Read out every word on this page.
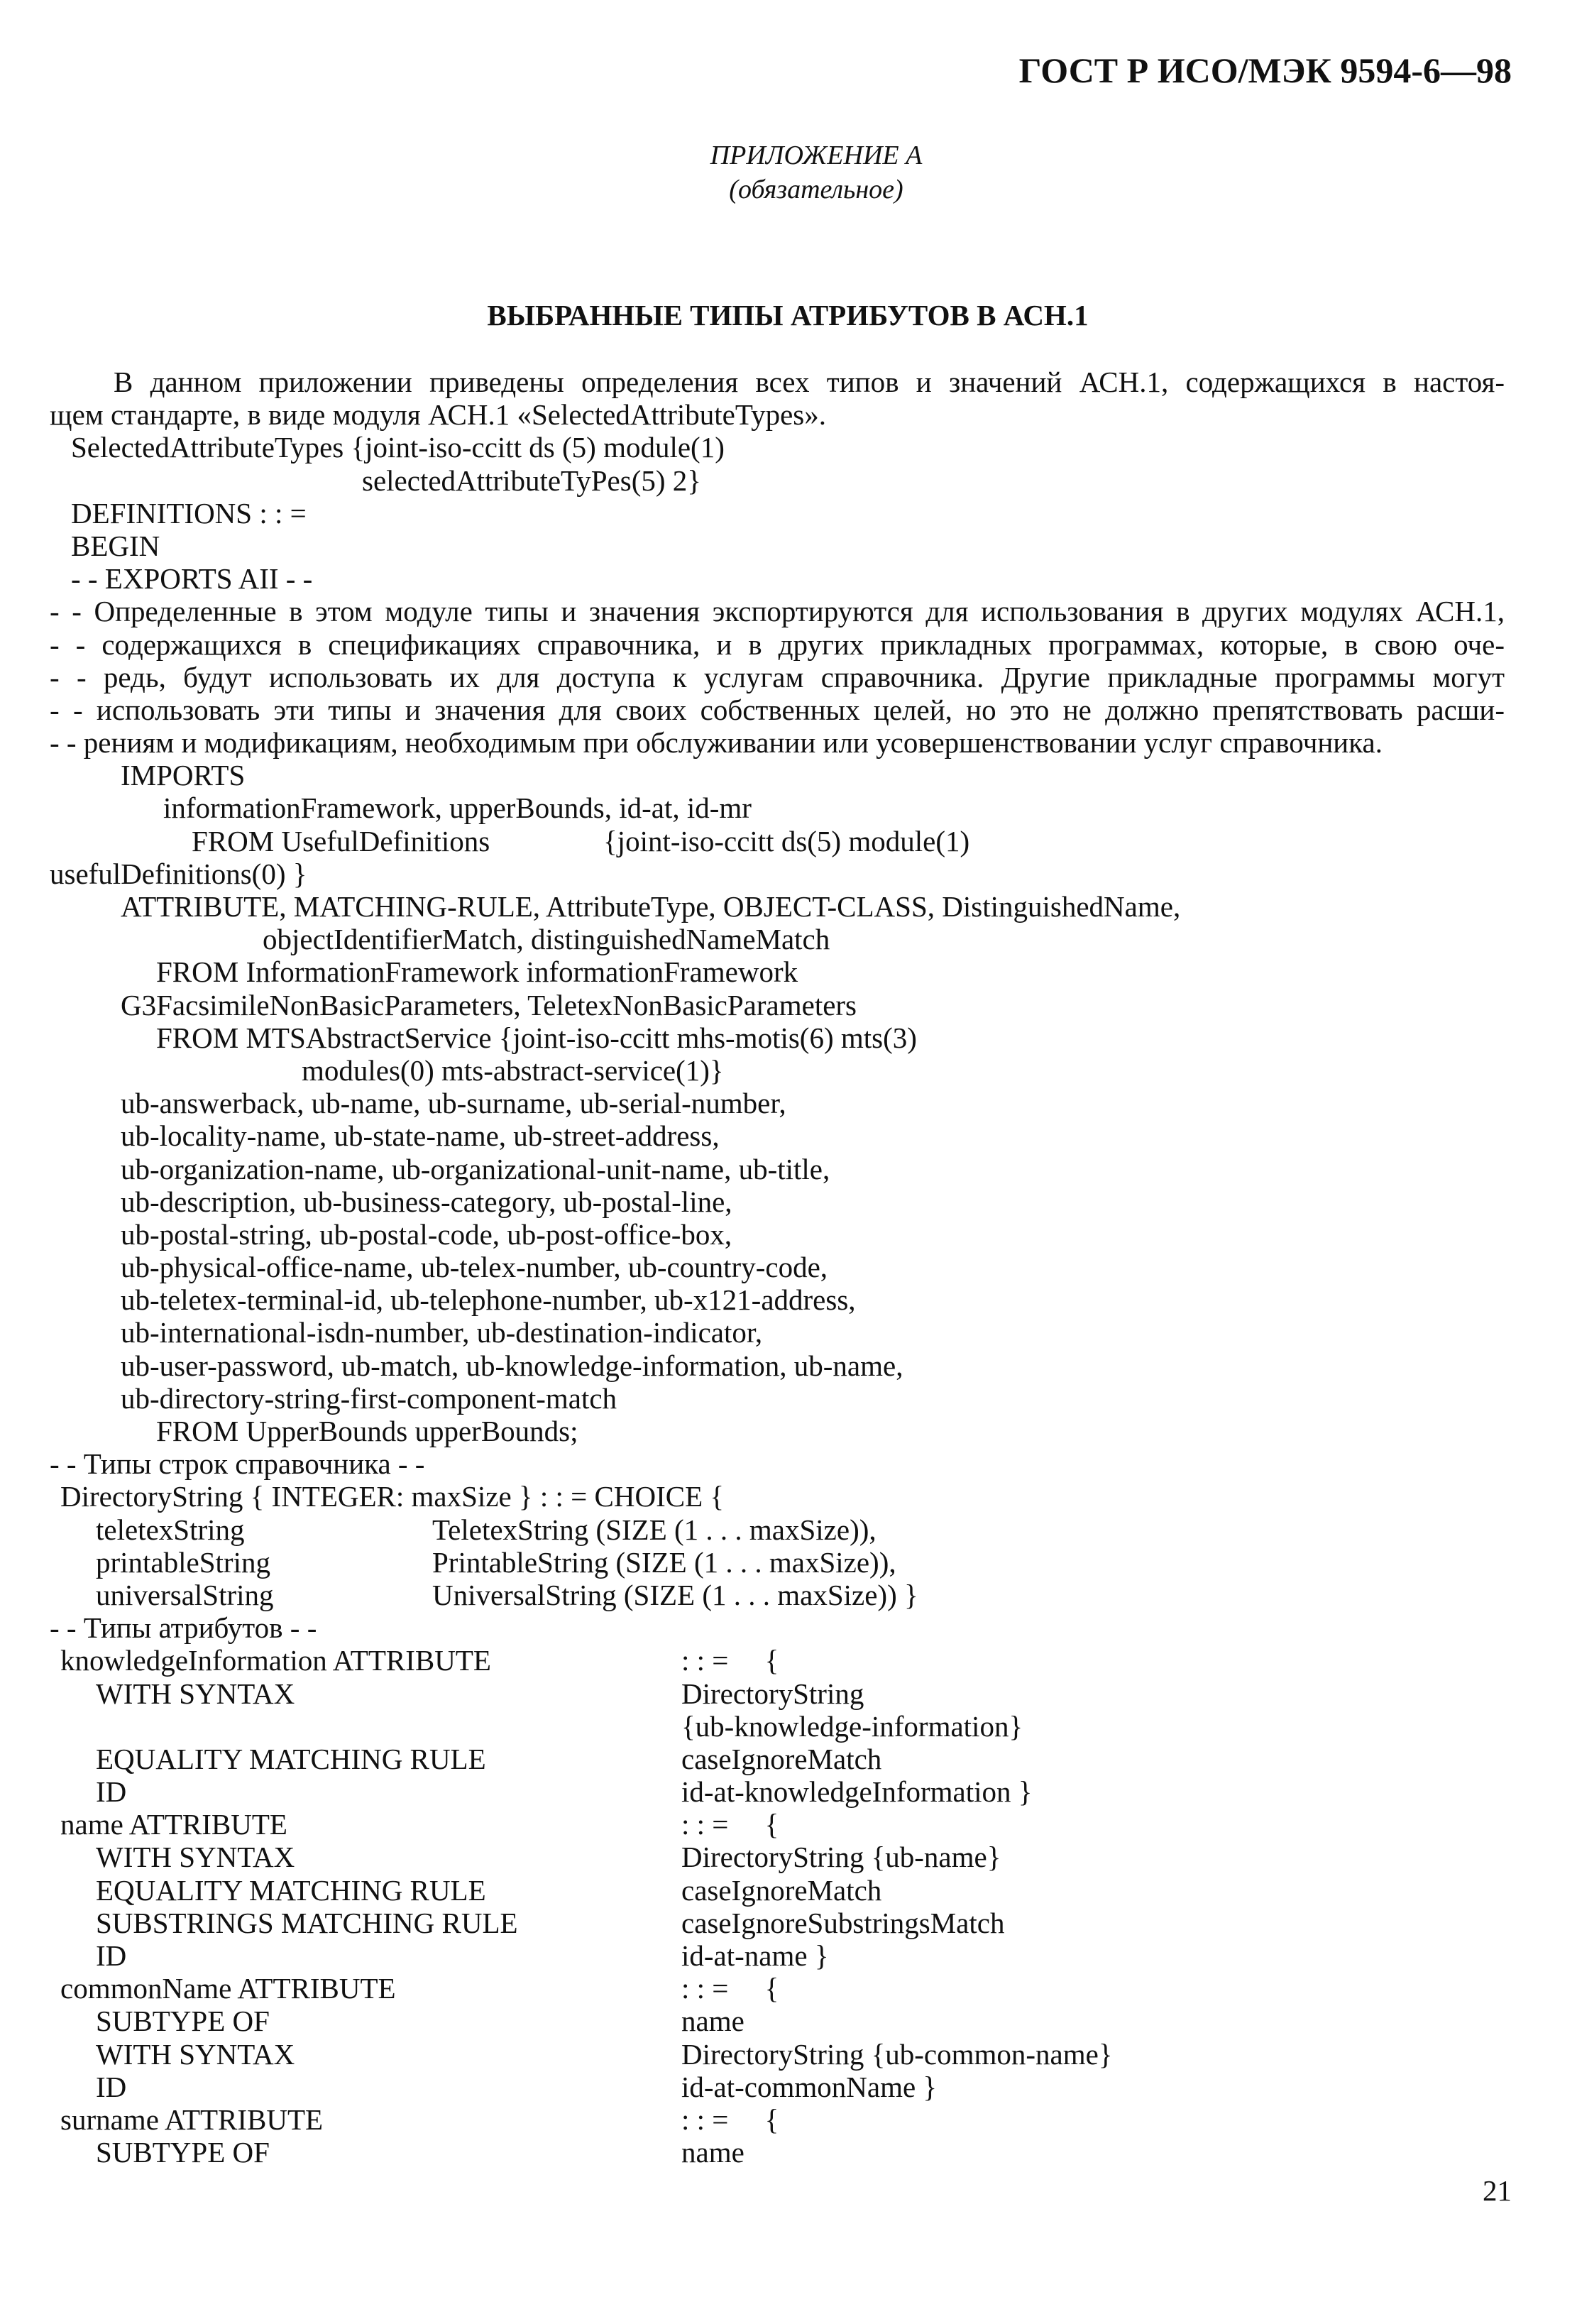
ГОСТ Р ИСО/МЭК 9594-6—98
ПРИЛОЖЕНИЕ А
(обязательное)
ВЫБРАННЫЕ ТИПЫ АТРИБУТОВ В АСН.1
В данном приложении приведены определения всех типов и значений АСН.1, содержащихся в настоя-
щем стандарте, в виде модуля АСН.1 «SelectedAttributeTypes».
SelectedAttributeTypes {joint-iso-ccitt ds (5) module(1)
selectedAttributeTyPes(5) 2}
DEFINITIONS : : =
BEGIN
- - EXPORTS AII - -
- - Определенные в этом модуле типы и значения экспортируются для использования в других модулях АСН.1,
- - содержащихся в спецификациях справочника, и в других прикладных программах, которые, в свою оче-
- - редь, будут использовать их для доступа к услугам справочника. Другие прикладные программы могут
- - использовать эти типы и значения для своих собственных целей, но это не должно препятствовать расши-
- - рениям и модификациям, необходимым при обслуживании или усовершенствовании услуг справочника.
IMPORTS
informationFramework, upperBounds, id-at, id-mr
FROM UsefulDefinitions	{joint-iso-ccitt ds(5) module(1)
usefulDefinitions(0) }
ATTRIBUTE, MATCHING-RULE, AttributeType, OBJECT-CLASS, DistinguishedName,
objectIdentifierMatch, distinguishedNameMatch
FROM InformationFramework informationFramework
G3FacsimileNonBasicParameters, TeletexNonBasicParameters
FROM MTSAbstractService {joint-iso-ccitt mhs-motis(6) mts(3)
modules(0) mts-abstract-service(1)}
ub-answerback, ub-name, ub-surname, ub-serial-number,
ub-locality-name, ub-state-name, ub-street-address,
ub-organization-name, ub-organizational-unit-name, ub-title,
ub-description, ub-business-category, ub-postal-line,
ub-postal-string, ub-postal-code, ub-post-office-box,
ub-physical-office-name, ub-telex-number, ub-country-code,
ub-teletex-terminal-id, ub-telephone-number, ub-x121-address,
ub-international-isdn-number, ub-destination-indicator,
ub-user-password, ub-match, ub-knowledge-information, ub-name,
ub-directory-string-first-component-match
FROM UpperBounds upperBounds;
- - Типы строк справочника - -
DirectoryString { INTEGER: maxSize } : : = CHOICE {
teletexString	TeletexString (SIZE (1 . . . maxSize)),
printableString	PrintableString (SIZE (1 . . . maxSize)),
universalString	UniversalString (SIZE (1 . . . maxSize)) }
- - Типы атрибутов - -
knowledgeInformation ATTRIBUTE	: : =     {
WITH SYNTAX	DirectoryString
{ub-knowledge-information}
EQUALITY MATCHING RULE	caseIgnoreMatch
ID	id-at-knowledgeInformation }
name ATTRIBUTE	: : =     {
WITH SYNTAX	DirectoryString {ub-name}
EQUALITY MATCHING RULE	caseIgnoreMatch
SUBSTRINGS MATCHING RULE	caseIgnoreSubstringsMatch
ID	id-at-name }
commonName ATTRIBUTE	: : =     {
SUBTYPE OF	name
WITH SYNTAX	DirectoryString {ub-common-name}
ID	id-at-commonName }
surname ATTRIBUTE	: : =     {
SUBTYPE OF	name
21
